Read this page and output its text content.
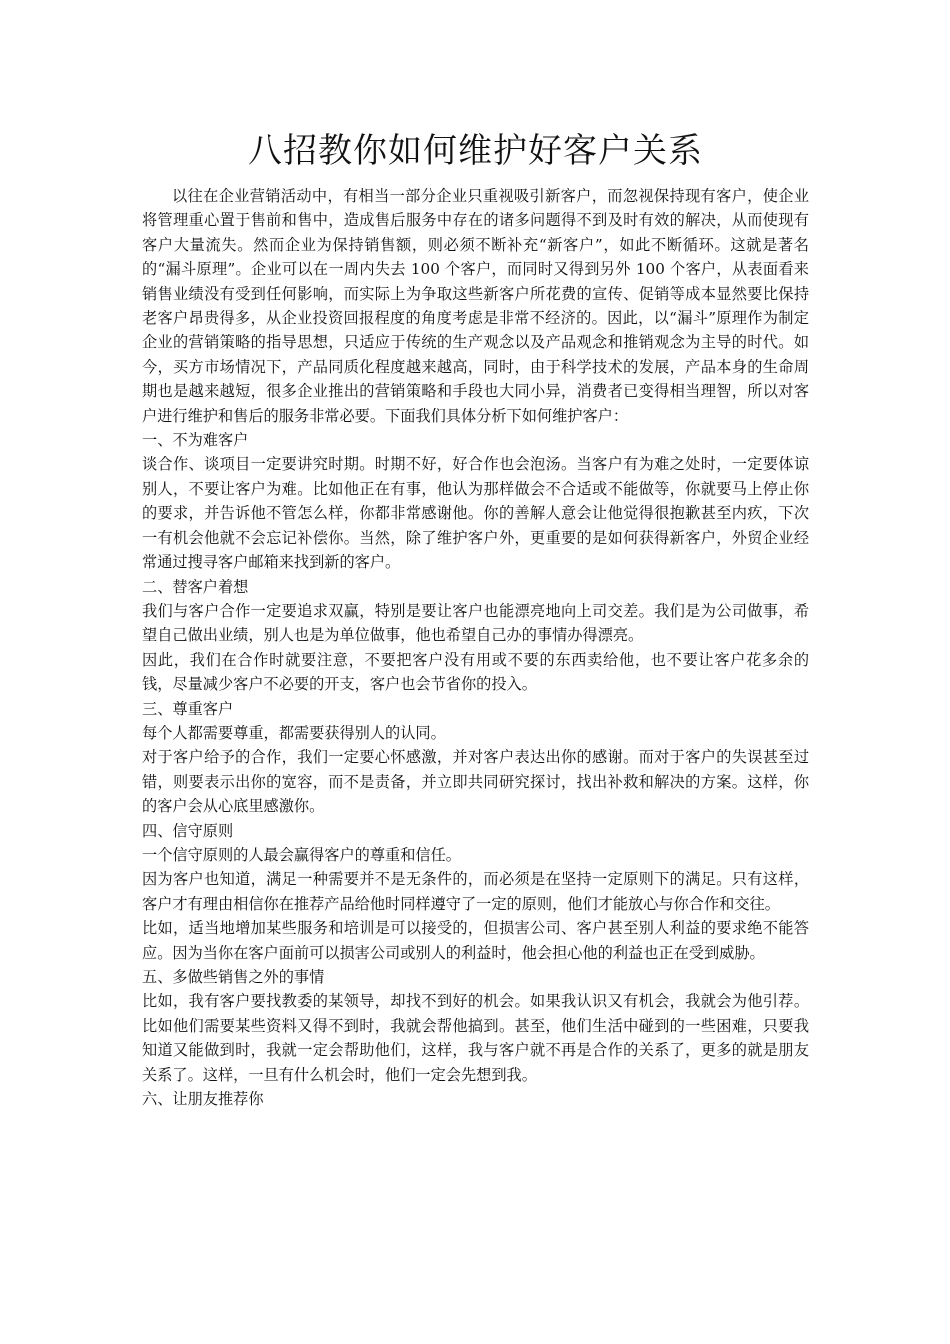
八招教你如何维护好客户关系

以往在企业营销活动中，有相当一部分企业只重视吸引新客户，而忽视保持现有客户，使企业将管理重心置于售前和售中，造成售后服务中存在的诸多问题得不到及时有效的解决，从而使现有客户大量流失。然而企业为保持销售额，则必须不断补充“新客户”，如此不断循环。这就是著名的“漏斗原理”。企业可以在一周内失去 100 个客户，而同时又得到另外 100 个客户，从表面看来销售业绩没有受到任何影响，而实际上为争取这些新客户所花费的宣传、促销等成本显然要比保持老客户昂贵得多，从企业投资回报程度的角度考虑是非常不经济的。因此，以“漏斗”原理作为制定企业的营销策略的指导思想，只适应于传统的生产观念以及产品观念和推销观念为主导的时代。如今，买方市场情况下，产品同质化程度越来越高，同时，由于科学技术的发展，产品本身的生命周期也是越来越短，很多企业推出的营销策略和手段也大同小异，消费者已变得相当理智，所以对客户进行维护和售后的服务非常必要。下面我们具体分析下如何维护客户：

一、不为难客户

谈合作、谈项目一定要讲究时期。时期不好，好合作也会泡汤。当客户有为难之处时，一定要体谅别人，不要让客户为难。比如他正在有事，他认为那样做会不合适或不能做等，你就要马上停止你的要求，并告诉他不管怎么样，你都非常感谢他。你的善解人意会让他觉得很抱歉甚至内疚，下次一有机会他就不会忘记补偿你。当然，除了维护客户外，更重要的是如何获得新客户，外贸企业经常通过搜寻客户邮箱来找到新的客户。

二、替客户着想

我们与客户合作一定要追求双赢，特别是要让客户也能漂亮地向上司交差。我们是为公司做事，希望自己做出业绩，别人也是为单位做事，他也希望自己办的事情办得漂亮。

因此，我们在合作时就要注意，不要把客户没有用或不要的东西卖给他，也不要让客户花多余的钱，尽量减少客户不必要的开支，客户也会节省你的投入。

三、尊重客户

每个人都需要尊重，都需要获得别人的认同。

对于客户给予的合作，我们一定要心怀感激，并对客户表达出你的感谢。而对于客户的失误甚至过错，则要表示出你的宽容，而不是责备，并立即共同研究探讨，找出补救和解决的方案。这样，你的客户会从心底里感激你。

四、信守原则

一个信守原则的人最会赢得客户的尊重和信任。

因为客户也知道，满足一种需要并不是无条件的，而必须是在坚持一定原则下的满足。只有这样，客户才有理由相信你在推荐产品给他时同样遵守了一定的原则，他们才能放心与你合作和交往。

比如，适当地增加某些服务和培训是可以接受的，但损害公司、客户甚至别人利益的要求绝不能答应。因为当你在客户面前可以损害公司或别人的利益时，他会担心他的利益也正在受到威胁。

五、多做些销售之外的事情

比如，我有客户要找教委的某领导，却找不到好的机会。如果我认识又有机会，我就会为他引荐。比如他们需要某些资料又得不到时，我就会帮他搞到。甚至，他们生活中碰到的一些困难，只要我知道又能做到时，我就一定会帮助他们，这样，我与客户就不再是合作的关系了，更多的就是朋友关系了。这样，一旦有什么机会时，他们一定会先想到我。

六、让朋友推荐你
